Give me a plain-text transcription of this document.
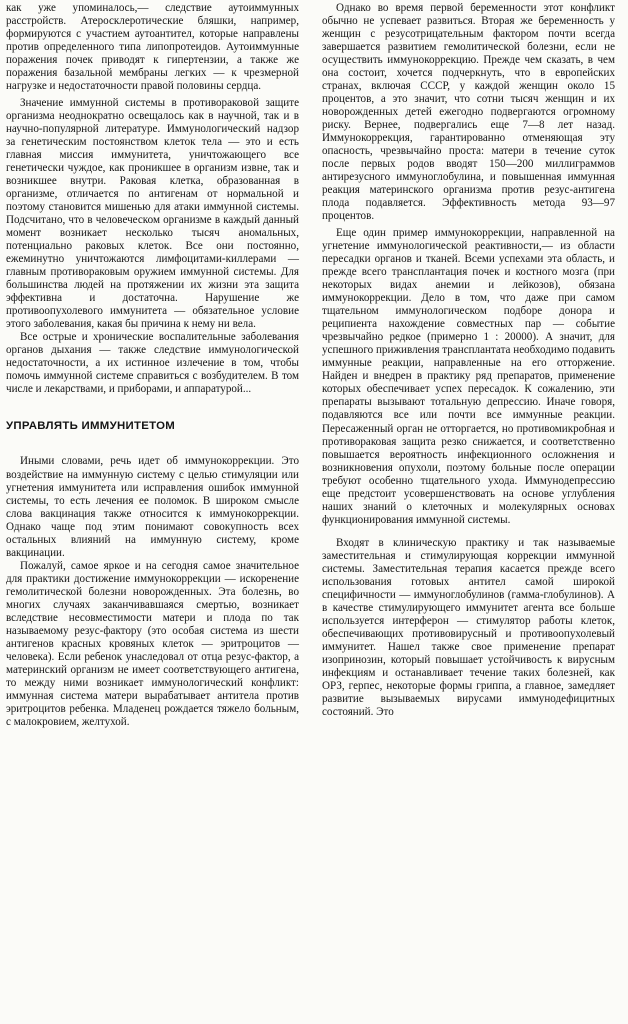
как уже упоминалось,— следствие аутоиммунных расстройств. Атеросклеротические бляшки, например, формируются с участием аутоантител, которые направлены против определенного типа липопротеидов. Аутоиммунные поражения почек приводят к гипертензии, а также же поражения базальной мембраны легких — к чрезмерной нагрузке и недостаточности правой половины сердца.

Значение иммунной системы в противораковой защите организма неоднократно освещалось как в научной, так и в научно-популярной литературе. Иммунологический надзор за генетическим постоянством клеток тела — это и есть главная миссия иммунитета, уничтожающего все генетически чуждое, как проникшее в организм извне, так и возникшее внутри. Раковая клетка, образованная в организме, отличается по антигенам от нормальной и поэтому становится мишенью для атаки иммунной системы. Подсчитано, что в человеческом организме в каждый данный момент возникает несколько тысяч аномальных, потенциально раковых клеток. Все они постоянно, ежеминутно уничтожаются лимфоцитами-киллерами — главным противораковым оружием иммунной системы. Для большинства людей на протяжении их жизни эта защита эффективна и достаточна. Нарушение же противоопухолевого иммунитета — обязательное условие этого заболевания, какая бы причина к нему ни вела.

Все острые и хронические воспалительные заболевания органов дыхания — также следствие иммунологической недостаточности, а их истинное излечение в том, чтобы помочь иммунной системе справиться с возбудителем. В том числе и лекарствами, и приборами, и аппаратурой...

УПРАВЛЯТЬ ИММУНИТЕТОМ

Иными словами, речь идет об иммунокоррекции. Это воздействие на иммунную систему с целью стимуляции или угнетения иммунитета или исправления ошибок иммунной системы, то есть лечения ее поломок. В широком смысле слова вакцинация также относится к иммунокоррекции. Однако чаще под этим понимают совокупность всех остальных влияний на иммунную систему, кроме вакцинации.

Пожалуй, самое яркое и на сегодня самое значительное для практики достижение иммунокоррекции — искоренение гемолитической болезни новорожденных. Эта болезнь, во многих случаях заканчивавшаяся смертью, возникает вследствие несовместимости матери и плода по так называемому резус-фактору (это особая система из шести антигенов красных кровяных клеток — эритроцитов — человека). Если ребенок унаследовал от отца резус-фактор, а материнский организм не имеет соответствующего антигена, то между ними возникает иммунологический конфликт: иммунная система матери вырабатывает антитела против эритроцитов ребенка. Младенец рождается тяжело больным, с малокровием, желтухой.

Однако во время первой беременности этот конфликт обычно не успевает развиться. Вторая же беременность у женщин с резусотрицательным фактором почти всегда завершается развитием гемолитической болезни, если не осуществить иммунокоррекцию. Прежде чем сказать, в чем она состоит, хочется подчеркнуть, что в европейских странах, включая СССР, у каждой женщин около 15 процентов, а это значит, что сотни тысяч женщин и их новорожденных детей ежегодно подвергаются огромному риску. Вернее, подвергались еще 7—8 лет назад. Иммунокоррекция, гарантированно отменяющая эту опасность, чрезвычайно проста: матери в течение суток после первых родов вводят 150—200 миллиграммов антирезусного иммуноглобулина, и повышенная иммунная реакция материнского организма против резус-антигена плода подавляется. Эффективность метода 93—97 процентов.

Еще один пример иммунокоррекции, направленной на угнетение иммунологической реактивности,— из области пересадки органов и тканей. Всеми успехами эта область, и прежде всего трансплантация почек и костного мозга (при некоторых видах анемии и лейкозов), обязана иммунокоррекции. Дело в том, что даже при самом тщательном иммунологическом подборе донора и реципиента нахождение совместных пар — событие чрезвычайно редкое (примерно 1 : 20000). А значит, для успешного приживления трансплантата необходимо подавить иммунные реакции, направленные на его отторжение. Найден и внедрен в практику ряд препаратов, применение которых обеспечивает успех пересадок. К сожалению, эти препараты вызывают тотальную депрессию. Иначе говоря, подавляются все или почти все иммунные реакции. Пересаженный орган не отторгается, но противомикробная и противораковая защита резко снижается, и соответственно повышается вероятность инфекционного осложнения и возникновения опухоли, поэтому больные после операции требуют особенно тщательного ухода. Иммунодепрессию еще предстоит усовершенствовать на основе углубления наших знаний о клеточных и молекулярных основах функционирования иммунной системы.

Входят в клиническую практику и так называемые заместительная и стимулирующая коррекции иммунной системы. Заместительная терапия касается прежде всего использования готовых антител самой широкой специфичности — иммуноглобулинов (гамма-глобулинов). А в качестве стимулирующего иммунитет агента все больше используется интерферон — стимулятор работы клеток, обеспечивающих противовирусный и противоопухолевый иммунитет. Нашел также свое применение препарат изопринозин, который повышает устойчивость к вирусным инфекциям и останавливает течение таких болезней, как ОРЗ, герпес, некоторые формы гриппа, а главное, замедляет развитие вызываемых вирусами иммунодефицитных состояний. Это
